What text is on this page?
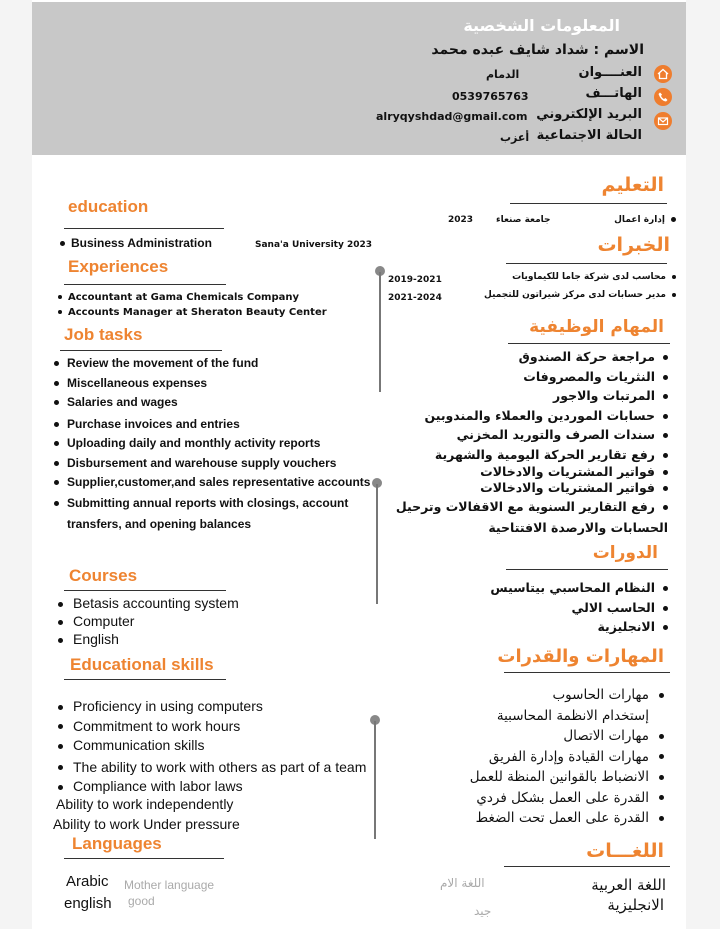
المعلومات الشخصية
الاسم : شداد شايف عبده محمد
العنــــوان
الدمام
الهاتـــف
0539765763
البريد الإلكتروني
alryqyshdad@gmail.com
الحالة الاجتماعية
أعزب
education
Business Administration	Sana'a University 2023
التعليم
إدارة اعمال
جامعة صنعاء
2023
Experiences
Accountant at Gama Chemicals Company
Accounts Manager at Sheraton Beauty Center
الخبرات
محاسب لدى شركة جاما للكيماويات
مدير حسابات لدى مركز شيراتون للتجميل
2019-2021
2021-2024
Job tasks
Review the movement of the fund
Miscellaneous expenses
Salaries and wages
Purchase invoices and entries
Uploading daily and monthly activity reports
Disbursement and warehouse supply vouchers
Supplier,customer,and sales representative accounts
Submitting annual reports with closings, account transfers, and opening balances
المهام الوظيفية
مراجعة حركة الصندوق
النثريات والمصروفات
المرتبات والاجور
حسابات الموردين والعملاء والمندوبين
سندات الصرف والتوريد المخزني
رفع تقارير الحركة اليومية والشهرية
فواتير المشتريات والادخالات
فواتير المشتريات والادخالات
رفع التقارير السنوية مع الاقفالات وترحيل الحسابات والارصدة الافتتاحية
Courses
Betasis accounting system
Computer
English
الدورات
النظام المحاسبي بيتاسيس
الحاسب الالي
الانجليزية
Educational skills
Proficiency in using computers
Commitment to work hours
Communication skills
The ability to work with others as part of a team
Compliance with labor laws
Ability to work independently
Ability to work Under pressure
المهارات والقدرات
مهارات الحاسوب
إستخدام الانظمة المحاسبية
مهارات الاتصال
مهارات القيادة وإدارة الفريق
الانضباط بالقوانين المنظة للعمل
القدرة على العمل بشكل فردي
القدرة على العمل تحت الضغط
Languages
Arabic Mother language
english good
اللغـــات
اللغة العربية
اللغة الام
الانجليزية
جيد
